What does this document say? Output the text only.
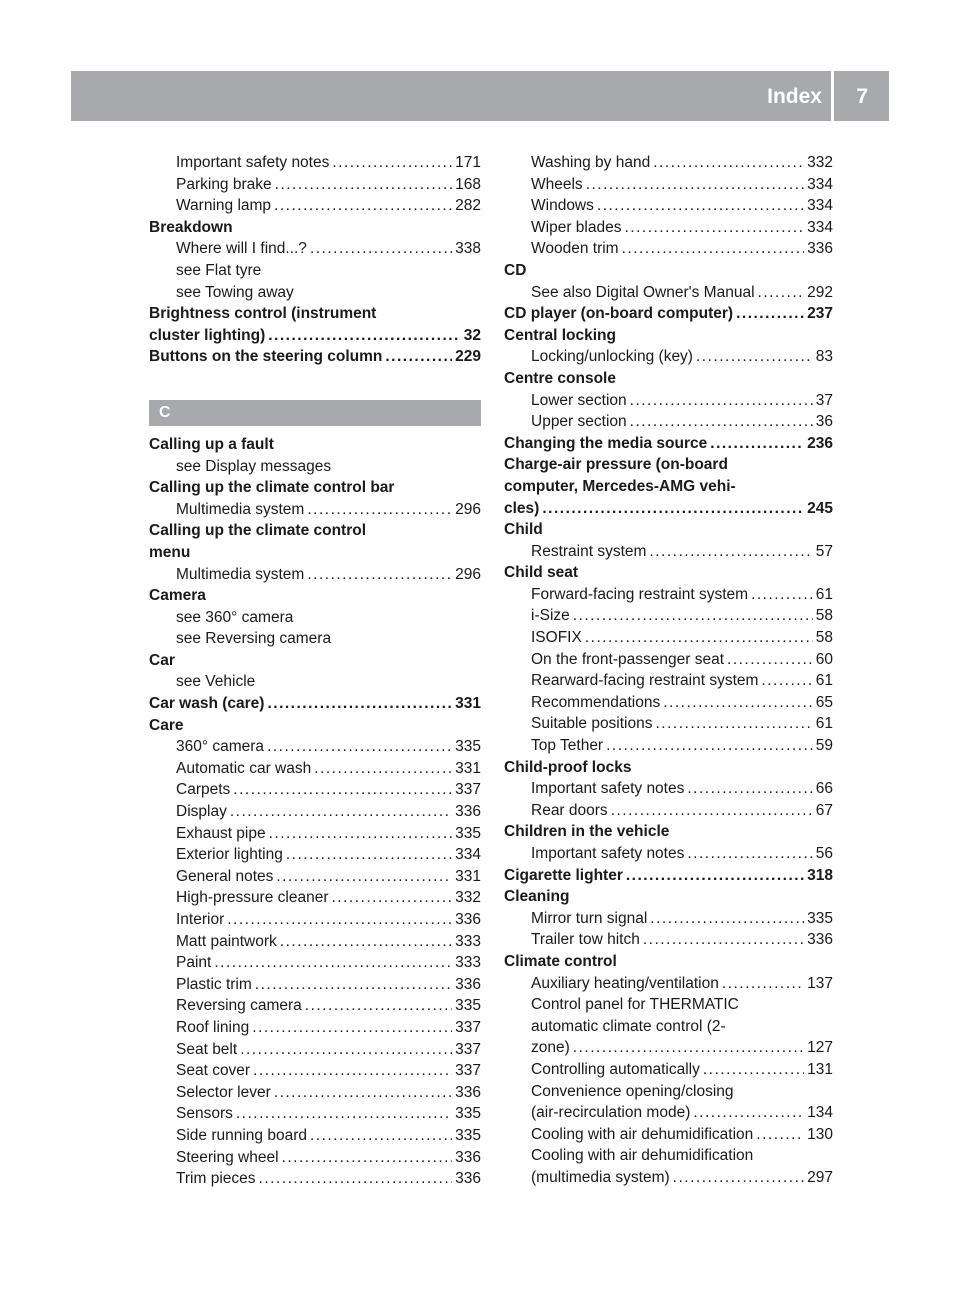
Index 7
Important safety notes .....	171
Parking brake .....	168
Warning lamp .....	282
Breakdown
Where will I find...? .....	338
see Flat tyre
see Towing away
Brightness control (instrument
cluster lighting) .....	32
Buttons on the steering column .....	229
C
Calling up a fault
see Display messages
Calling up the climate control bar
Multimedia system .....	296
Calling up the climate control
menu
Multimedia system .....	296
Camera
see 360° camera
see Reversing camera
Car
see Vehicle
Car wash (care) .....	331
Care
360° camera .....	335
Automatic car wash .....	331
Carpets .....	337
Display .....	336
Exhaust pipe .....	335
Exterior lighting .....	334
General notes .....	331
High-pressure cleaner .....	332
Interior .....	336
Matt paintwork .....	333
Paint .....	333
Plastic trim .....	336
Reversing camera .....	335
Roof lining .....	337
Seat belt .....	337
Seat cover .....	337
Selector lever .....	336
Sensors .....	335
Side running board .....	335
Steering wheel .....	336
Trim pieces .....	336
Washing by hand .....	332
Wheels .....	334
Windows .....	334
Wiper blades .....	334
Wooden trim .....	336
CD
See also Digital Owner's Manual .....	292
CD player (on-board computer) .....	237
Central locking
Locking/unlocking (key) .....	83
Centre console
Lower section .....	37
Upper section .....	36
Changing the media source .....	236
Charge-air pressure (on-board
computer, Mercedes-AMG vehi-
cles) .....	245
Child
Restraint system .....	57
Child seat
Forward-facing restraint system .....	61
i-Size .....	58
ISOFIX .....	58
On the front-passenger seat .....	60
Rearward-facing restraint system .....	61
Recommendations .....	65
Suitable positions .....	61
Top Tether .....	59
Child-proof locks
Important safety notes .....	66
Rear doors .....	67
Children in the vehicle
Important safety notes .....	56
Cigarette lighter .....	318
Cleaning
Mirror turn signal .....	335
Trailer tow hitch .....	336
Climate control
Auxiliary heating/ventilation .....	137
Control panel for THERMATIC
automatic climate control (2-
zone) .....	127
Controlling automatically .....	131
Convenience opening/closing
(air-recirculation mode) .....	134
Cooling with air dehumidification .....	130
Cooling with air dehumidification
(multimedia system) .....	297
